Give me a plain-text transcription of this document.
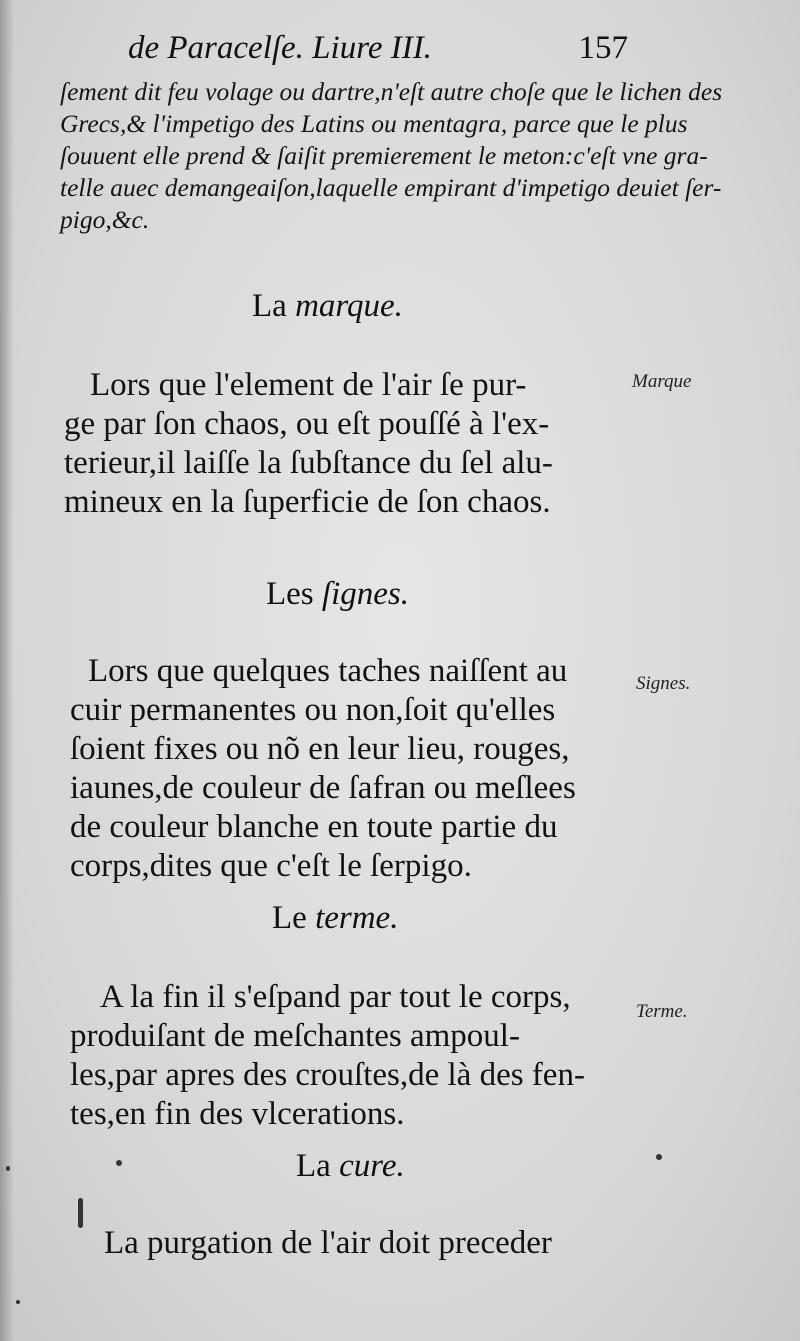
de Paracelſe. Liure III.	157
ſement dit feu volage ou dartre,n'eſt autre choſe que le lichen des
Grecs,& l'impetigo des Latins ou mentagra, parce que le plus
ſouuent elle prend & ſaiſit premierement le meton:c'eſt vne gra-
telle auec demangeaiſon,laquelle empirant d'impetigo deuiet ſer-
pigo,&c.
La marque.
Lors que l'element de l'air ſe pur-
ge par ſon chaos, ou eſt pouſſé à l'ex-
terieur,il laiſſe la ſubſtance du ſel alu-
mineux en la ſuperficie de ſon chaos.
Marque
Les ſignes.
Lors que quelques taches naiſſent au
cuir permanentes ou non,ſoit qu'elles
ſoient fixes ou nõ en leur lieu, rouges,
iaunes,de couleur de ſafran ou meſlees
de couleur blanche en toute partie du
corps,dites que c'eſt le ſerpigo.
Signes.
Le terme.
A la fin il s'eſpand par tout le corps,
produiſant de meſchantes ampoul-
les,par apres des crouſtes,de là des fen-
tes,en fin des vlcerations.
Terme.
La cure.
La purgation de l'air doit preceder
